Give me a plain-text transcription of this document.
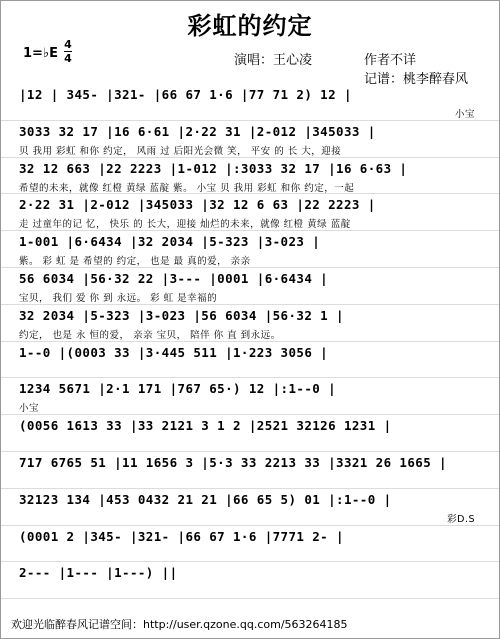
彩虹的约定
1=♭E
4
4	演唱：王心凌	作者不详
记谱：桃李醉春风
|12 | 345- |321- |66 67 1·6 |77 71 2) 12 |
小宝
3033 32 17 |16 6·61 |2·22 31 |2-012 |345033 |
贝 我用 彩虹 和你 约定， 风雨 过 后阳光会微 笑， 平安 的 长 大，迎接
32 12 663 |22 2223 |1-012 |:3033 32 17 |16 6·63 |
希望的未来，就像 红橙 黄绿 蓝靛 紫。 小宝 贝 我用 彩虹 和你 约定，一起
2·22 31 |2-012 |345033 |32 12 6 63 |22 2223 |
走 过童年的记 忆， 快乐 的 长大，迎接 灿烂的未来，就像 红橙 黄绿 蓝靛
1-001 |6·6434 |32 2034 |5-323 |3-023 |
紫。 彩 虹 是 希望的 约定， 也是 最 真的爱， 亲亲
56 6034 |56·32 22 |3--- |0001 |6·6434 |
宝贝， 我们 爱 你 到 永远。 彩 虹 是幸福的
32 2034 |5-323 |3-023 |56 6034 |56·32 1 |
约定， 也是 永 恒的爱， 亲亲 宝贝， 陪伴 你 直 到永远。
1--0 |(0003 33 |3·445 511 |1·223 3056 |
1234 5671 |2·1 171 |767 65·) 12 |:1--0 |
小宝
(0056 1613 33 |33 2121 3 1 2 |2521 32126 1231 |
717 6765 51 |11 1656 3 |5·3 33 2213 33 |3321 26 1665 |
32123 134 |453 0432 21 21 |66 65 5) 01 |:1--0 |
彩D.S
(0001 2 |345- |321- |66 67 1·6 |7771 2- |
2--- |1--- |1---) ||
欢迎光临醉春风记谱空间：http://user.qzone.qq.com/563264185
